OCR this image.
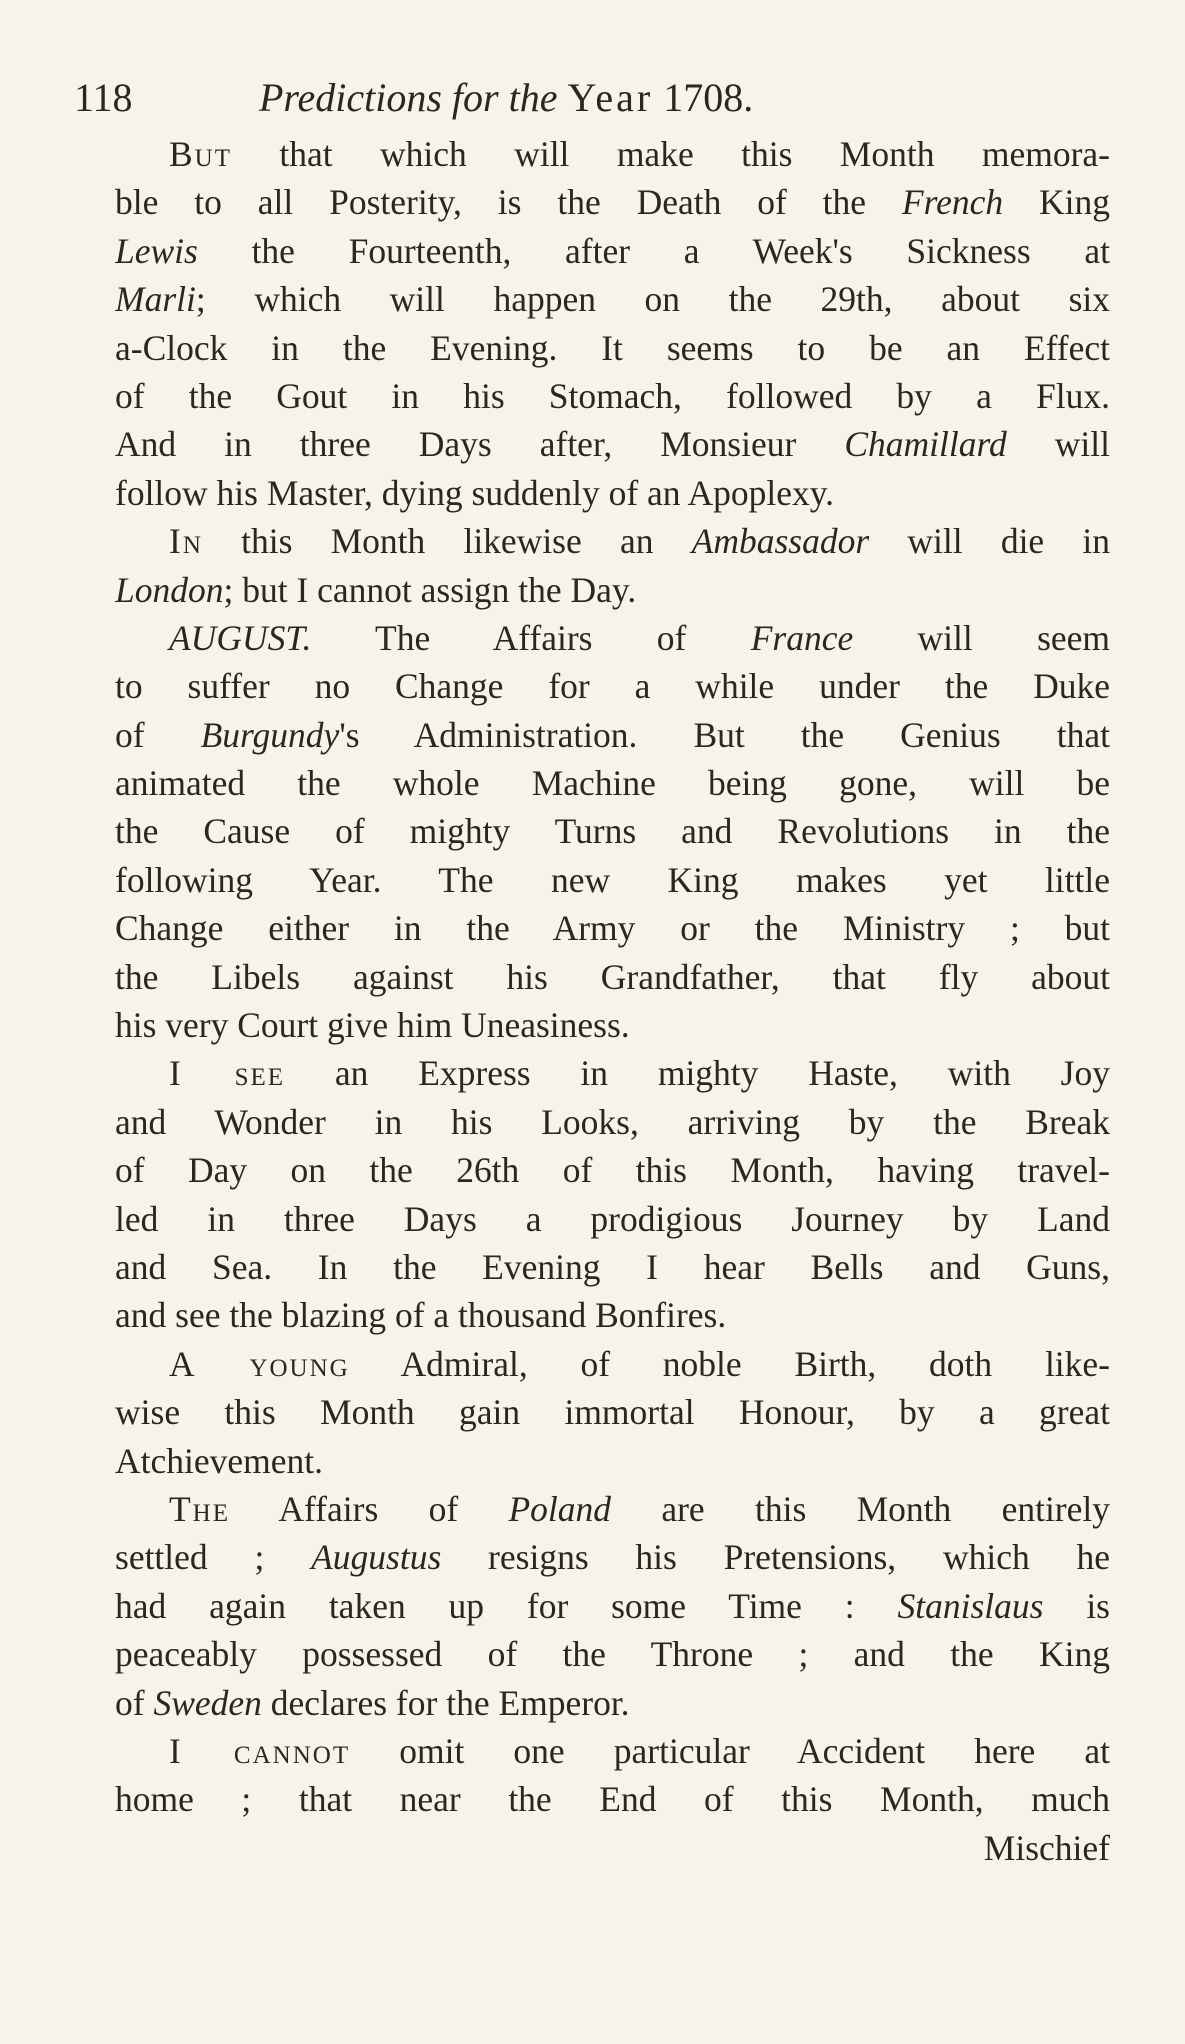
118	Predictions for the Year 1708.
But that which will make this Month memora-
ble to all Posterity, is the Death of the French King
Lewis the Fourteenth, after a Week's Sickness at
Marli; which will happen on the 29th, about six
a-Clock in the Evening. It seems to be an Effect
of the Gout in his Stomach, followed by a Flux.
And in three Days after, Monsieur Chamillard will
follow his Master, dying suddenly of an Apoplexy.
In this Month likewise an Ambassador will die in
London; but I cannot assign the Day.
AUGUST. The Affairs of France will seem
to suffer no Change for a while under the Duke
of Burgundy's Administration. But the Genius that
animated the whole Machine being gone, will be
the Cause of mighty Turns and Revolutions in the
following Year. The new King makes yet little
Change either in the Army or the Ministry ; but
the Libels against his Grandfather, that fly about
his very Court give him Uneasiness.
I see an Express in mighty Haste, with Joy
and Wonder in his Looks, arriving by the Break
of Day on the 26th of this Month, having travel-
led in three Days a prodigious Journey by Land
and Sea. In the Evening I hear Bells and Guns,
and see the blazing of a thousand Bonfires.
A young Admiral, of noble Birth, doth like-
wise this Month gain immortal Honour, by a great
Atchievement.
The Affairs of Poland are this Month entirely
settled ; Augustus resigns his Pretensions, which he
had again taken up for some Time : Stanislaus is
peaceably possessed of the Throne ; and the King
of Sweden declares for the Emperor.
I cannot omit one particular Accident here at
home ; that near the End of this Month, much
Mischief
